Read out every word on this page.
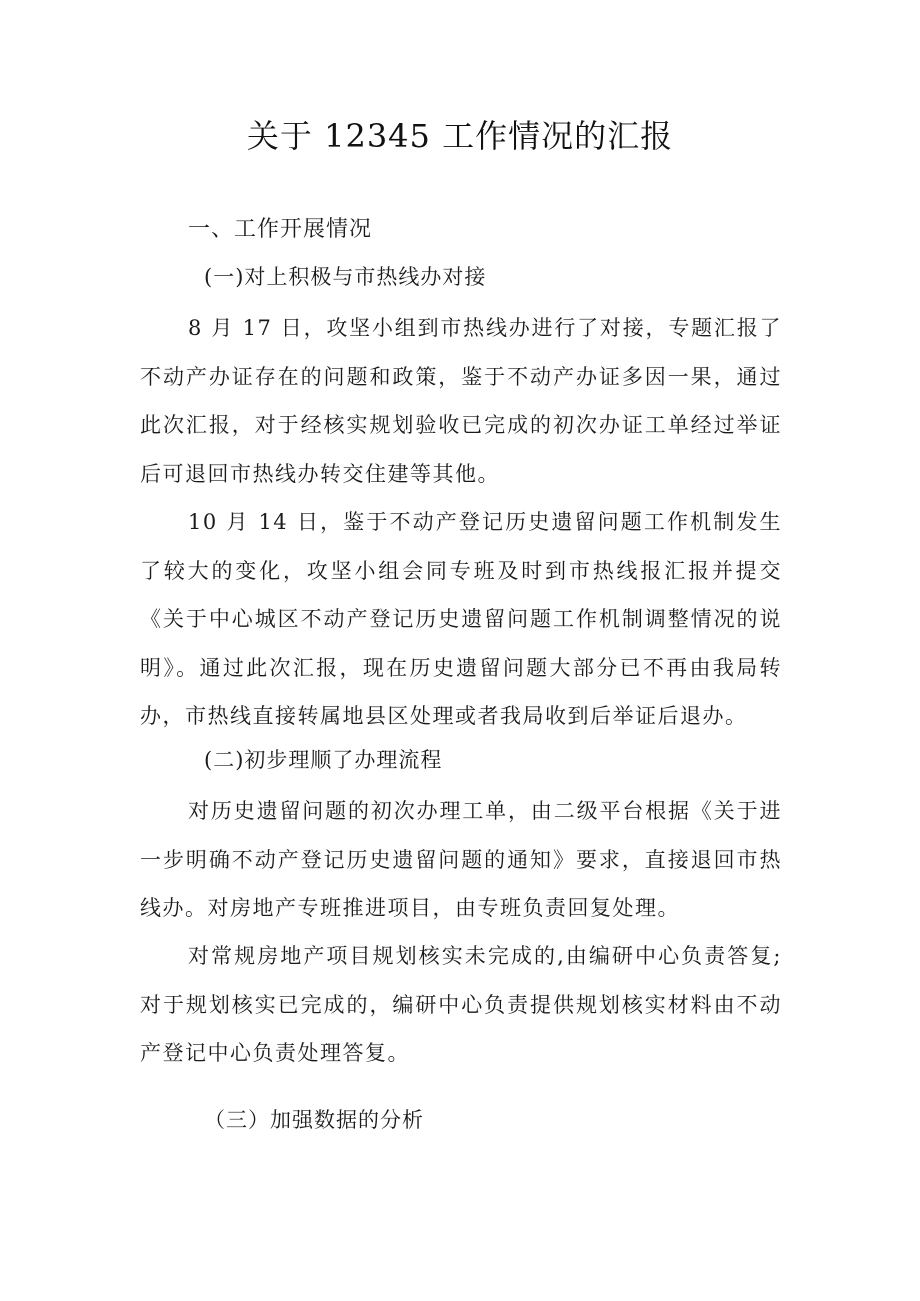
关于 12345 工作情况的汇报
一、工作开展情况
(一)对上积极与市热线办对接
8 月 17 日，攻坚小组到市热线办进行了对接，专题汇报了不动产办证存在的问题和政策，鉴于不动产办证多因一果，通过此次汇报，对于经核实规划验收已完成的初次办证工单经过举证后可退回市热线办转交住建等其他。
10 月 14 日，鉴于不动产登记历史遗留问题工作机制发生了较大的变化，攻坚小组会同专班及时到市热线报汇报并提交《关于中心城区不动产登记历史遗留问题工作机制调整情况的说明》。通过此次汇报，现在历史遗留问题大部分已不再由我局转办，市热线直接转属地县区处理或者我局收到后举证后退办。
(二)初步理顺了办理流程
对历史遗留问题的初次办理工单，由二级平台根据《关于进一步明确不动产登记历史遗留问题的通知》要求，直接退回市热线办。对房地产专班推进项目，由专班负责回复处理。
对常规房地产项目规划核实未完成的,由编研中心负责答复;对于规划核实已完成的，编研中心负责提供规划核实材料由不动产登记中心负责处理答复。
（三）加强数据的分析
